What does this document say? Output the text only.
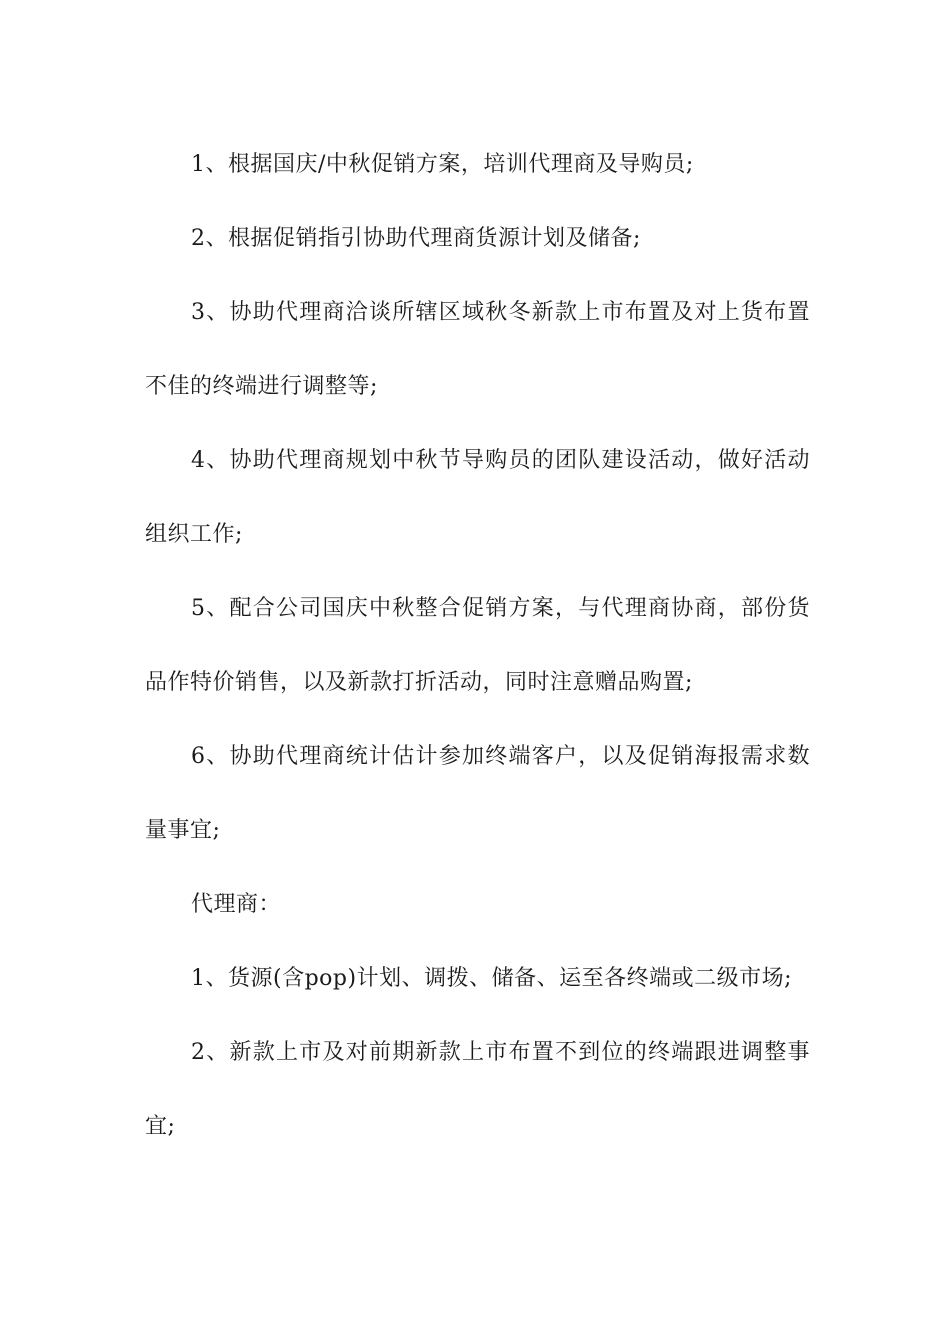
1、根据国庆/中秋促销方案，培训代理商及导购员;

2、根据促销指引协助代理商货源计划及储备;

3、协助代理商洽谈所辖区域秋冬新款上市布置及对上货布置不佳的终端进行调整等;

4、协助代理商规划中秋节导购员的团队建设活动，做好活动组织工作;

5、配合公司国庆中秋整合促销方案，与代理商协商，部份货品作特价销售，以及新款打折活动，同时注意赠品购置;

6、协助代理商统计估计参加终端客户，以及促销海报需求数量事宜;

代理商：

1、货源(含pop)计划、调拨、储备、运至各终端或二级市场;

2、新款上市及对前期新款上市布置不到位的终端跟进调整事宜;
